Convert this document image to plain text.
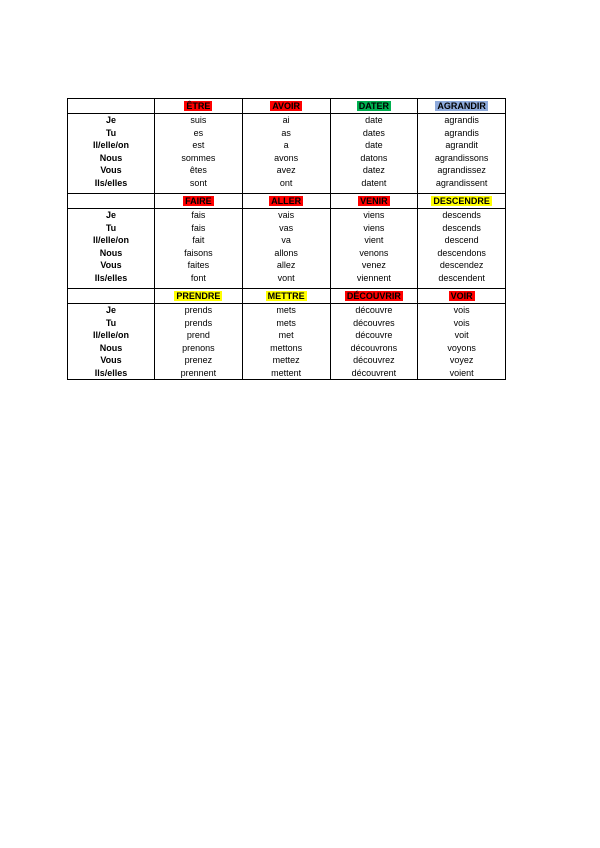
	ÊTRE	AVOIR	DATER	AGRANDIR
Je	suis	ai	date	agrandis
Tu	es	as	dates	agrandis
Il/elle/on	est	a	date	agrandit
Nous	sommes	avons	datons	agrandissons
Vous	êtes	avez	datez	agrandissez
Ils/elles	sont	ont	datent	agrandissent

	FAIRE	ALLER	VENIR	DESCENDRE
Je	fais	vais	viens	descends
Tu	fais	vas	viens	descends
Il/elle/on	fait	va	vient	descend
Nous	faisons	allons	venons	descendons
Vous	faites	allez	venez	descendez
Ils/elles	font	vont	viennent	descendent

	PRENDRE	METTRE	DÉCOUVRIR	VOIR
Je	prends	mets	découvre	vois
Tu	prends	mets	découvres	vois
Il/elle/on	prend	met	découvre	voit
Nous	prenons	mettons	découvrons	voyons
Vous	prenez	mettez	découvrez	voyez
Ils/elles	prennent	mettent	découvrent	voient
